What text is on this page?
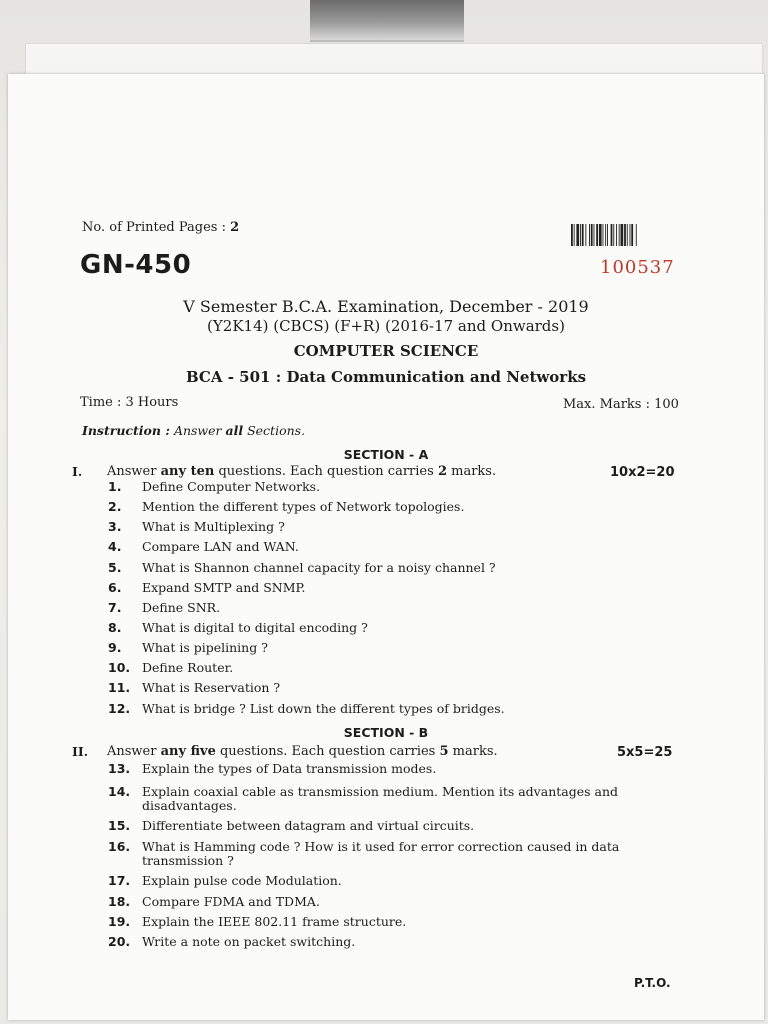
No. of Printed Pages : 2
GN-450	100537
V Semester B.C.A. Examination, December - 2019
(Y2K14) (CBCS) (F+R) (2016-17 and Onwards)
COMPUTER SCIENCE
BCA - 501 : Data Communication and Networks
Time : 3 Hours	Max. Marks : 100
Instruction : Answer all Sections.
SECTION - A
I. Answer any ten questions. Each question carries 2 marks.	10x2=20
1.	Define Computer Networks.
2.	Mention the different types of Network topologies.
3.	What is Multiplexing ?
4.	Compare LAN and WAN.
5.	What is Shannon channel capacity for a noisy channel ?
6.	Expand SMTP and SNMP.
7.	Define SNR.
8.	What is digital to digital encoding ?
9.	What is pipelining ?
10. Define Router.
11. What is Reservation ?
12. What is bridge ? List down the different types of bridges.
SECTION - B
II. Answer any five questions. Each question carries 5 marks.	5x5=25
13. Explain the types of Data transmission modes.
14. Explain coaxial cable as transmission medium. Mention its advantages and disadvantages.
15. Differentiate between datagram and virtual circuits.
16. What is Hamming code ? How is it used for error correction caused in data transmission ?
17. Explain pulse code Modulation.
18. Compare FDMA and TDMA.
19. Explain the IEEE 802.11 frame structure.
20. Write a note on packet switching.
P.T.O.
